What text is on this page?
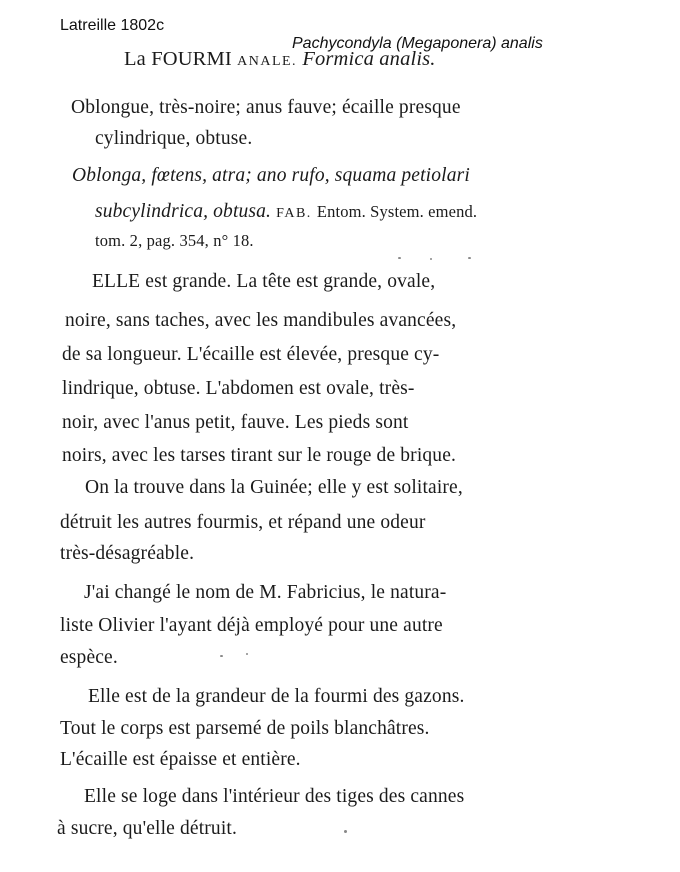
Latreille 1802c
Pachycondyla (Megaponera) analis
La FOURMI ANALE. Formica analis.
Oblongue, très-noire; anus fauve; écaille presque
cylindrique, obtuse.
Oblonga, fœtens, atra; ano rufo, squama petiolari
subcylindrica, obtusa. FAB. Entom. System. emend.
tom. 2, pag. 354, n° 18.
ELLE est grande. La tête est grande, ovale,
noire, sans taches, avec les mandibules avancées,
de sa longueur. L'écaille est élevée, presque cy-
lindrique, obtuse. L'abdomen est ovale, très-
noir, avec l'anus petit, fauve. Les pieds sont
noirs, avec les tarses tirant sur le rouge de brique.
On la trouve dans la Guinée; elle y est solitaire,
détruit les autres fourmis, et répand une odeur
très-désagréable.
J'ai changé le nom de M. Fabricius, le natura-
liste Olivier l'ayant déjà employé pour une autre
espèce.
Elle est de la grandeur de la fourmi des gazons.
Tout le corps est parsemé de poils blanchâtres.
L'écaille est épaisse et entière.
Elle se loge dans l'intérieur des tiges des cannes
à sucre, qu'elle détruit.
